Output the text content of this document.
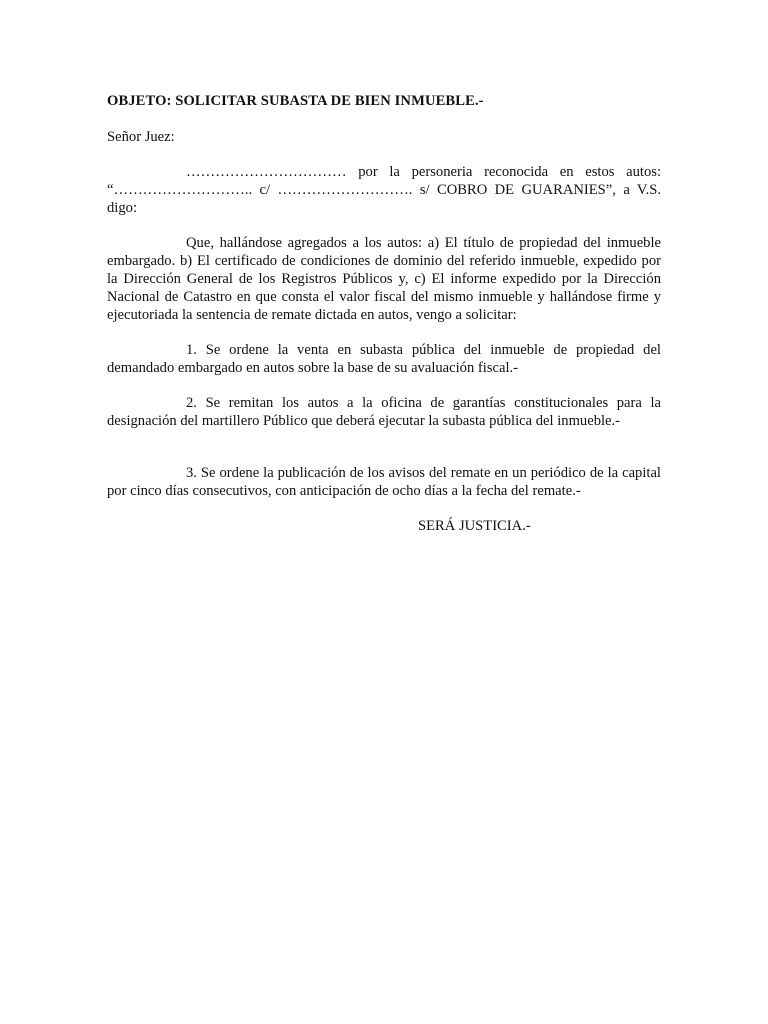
OBJETO: SOLICITAR SUBASTA DE BIEN INMUEBLE.-

Señor Juez:

…………………………… por la personeria reconocida en estos autos: “……………………….. c/ ………………………. s/ COBRO DE GUARANIES”, a V.S. digo:

Que, hallándose agregados a los autos: a) El título de propiedad del inmueble embargado. b) El certificado de condiciones de dominio del referido inmueble, expedido por la Dirección General de los Registros Públicos y, c) El informe expedido por la Dirección Nacional de Catastro en que consta el valor fiscal del mismo inmueble y hallándose firme y ejecutoriada la sentencia de remate dictada en autos, vengo a solicitar:

1. Se ordene la venta en subasta pública del inmueble de propiedad del demandado embargado en autos sobre la base de su avaluación fiscal.-

2. Se remitan los autos a la oficina de garantías constitucionales para la designación del martillero Público que deberá ejecutar la subasta pública del inmueble.-

3. Se ordene la publicación de los avisos del remate en un periódico de la capital por cinco días consecutivos, con anticipación de ocho días a la fecha del remate.-

SERÁ JUSTICIA.-
